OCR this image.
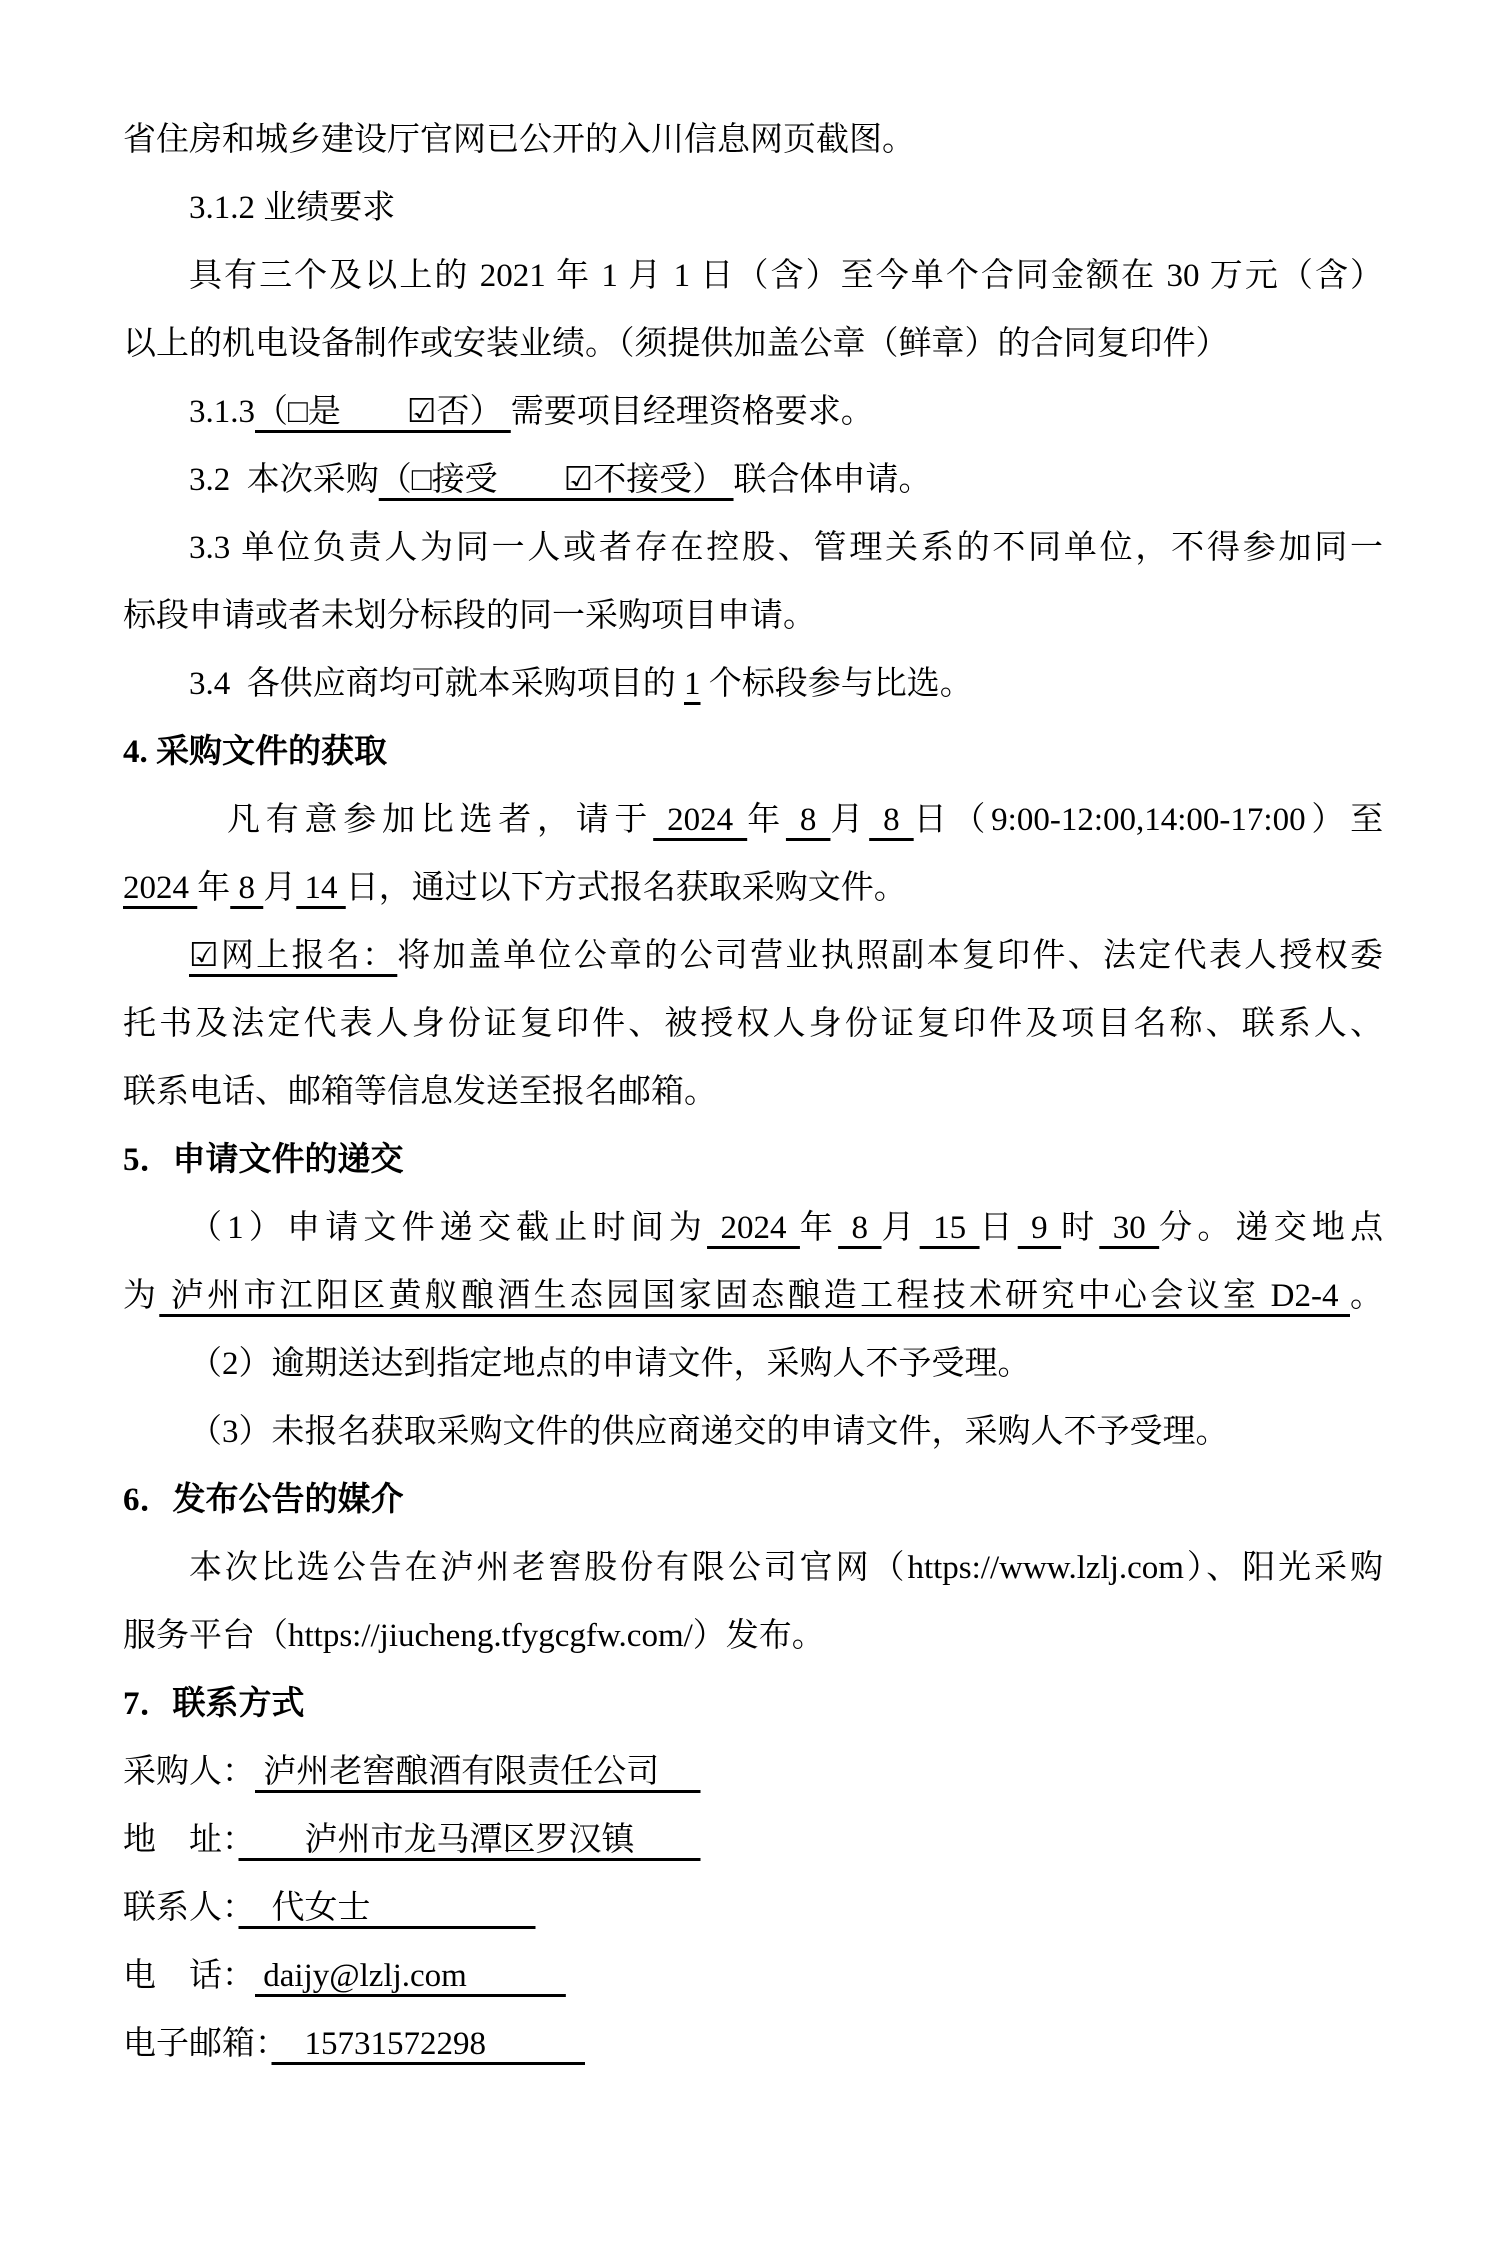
省住房和城乡建设厅官网已公开的入川信息网页截图。

3.1.2 业绩要求

具有三个及以上的 2021 年 1 月 1 日（含）至今单个合同金额在 30 万元（含）

以上的机电设备制作或安装业绩。（须提供加盖公章（鲜章）的合同复印件）

3.1.3（□是　　☑否） 需要项目经理资格要求。

3.2  本次采购（□接受　　☑不接受） 联合体申请。

3.3 单位负责人为同一人或者存在控股、管理关系的不同单位，不得参加同一

标段申请或者未划分标段的同一采购项目申请。

3.4  各供应商均可就本采购项目的 1 个标段参与比选。

4. 采购文件的获取

凡有意参加比选者，请于 2024 年 8 月 8 日（9:00-12:00,14:00-17:00）至

2024 年 8 月 14 日，通过以下方式报名获取采购文件。

☑网上报名：将加盖单位公章的公司营业执照副本复印件、法定代表人授权委

托书及法定代表人身份证复印件、被授权人身份证复印件及项目名称、联系人、

联系电话、邮箱等信息发送至报名邮箱。

5．申请文件的递交

（1）申请文件递交截止时间为 2024 年 8 月 15 日 9 时 30 分。递交地点

为 泸州市江阳区黄舣酿酒生态园国家固态酿造工程技术研究中心会议室 D2-4 。

（2）逾期送达到指定地点的申请文件，采购人不予受理。

（3）未报名获取采购文件的供应商递交的申请文件，采购人不予受理。

6．发布公告的媒介

本次比选公告在泸州老窖股份有限公司官网（https://www.lzlj.com）、阳光采购

服务平台（https://jiucheng.tfygcgfw.com/）发布。

7．联系方式

采购人： 泸州老窖酿酒有限责任公司　

地　址：　　泸州市龙马潭区罗汉镇　　

联系人：　代女士　　　　　

电　话： daijy@lzlj.com　　　

电子邮箱：　15731572298　　　
